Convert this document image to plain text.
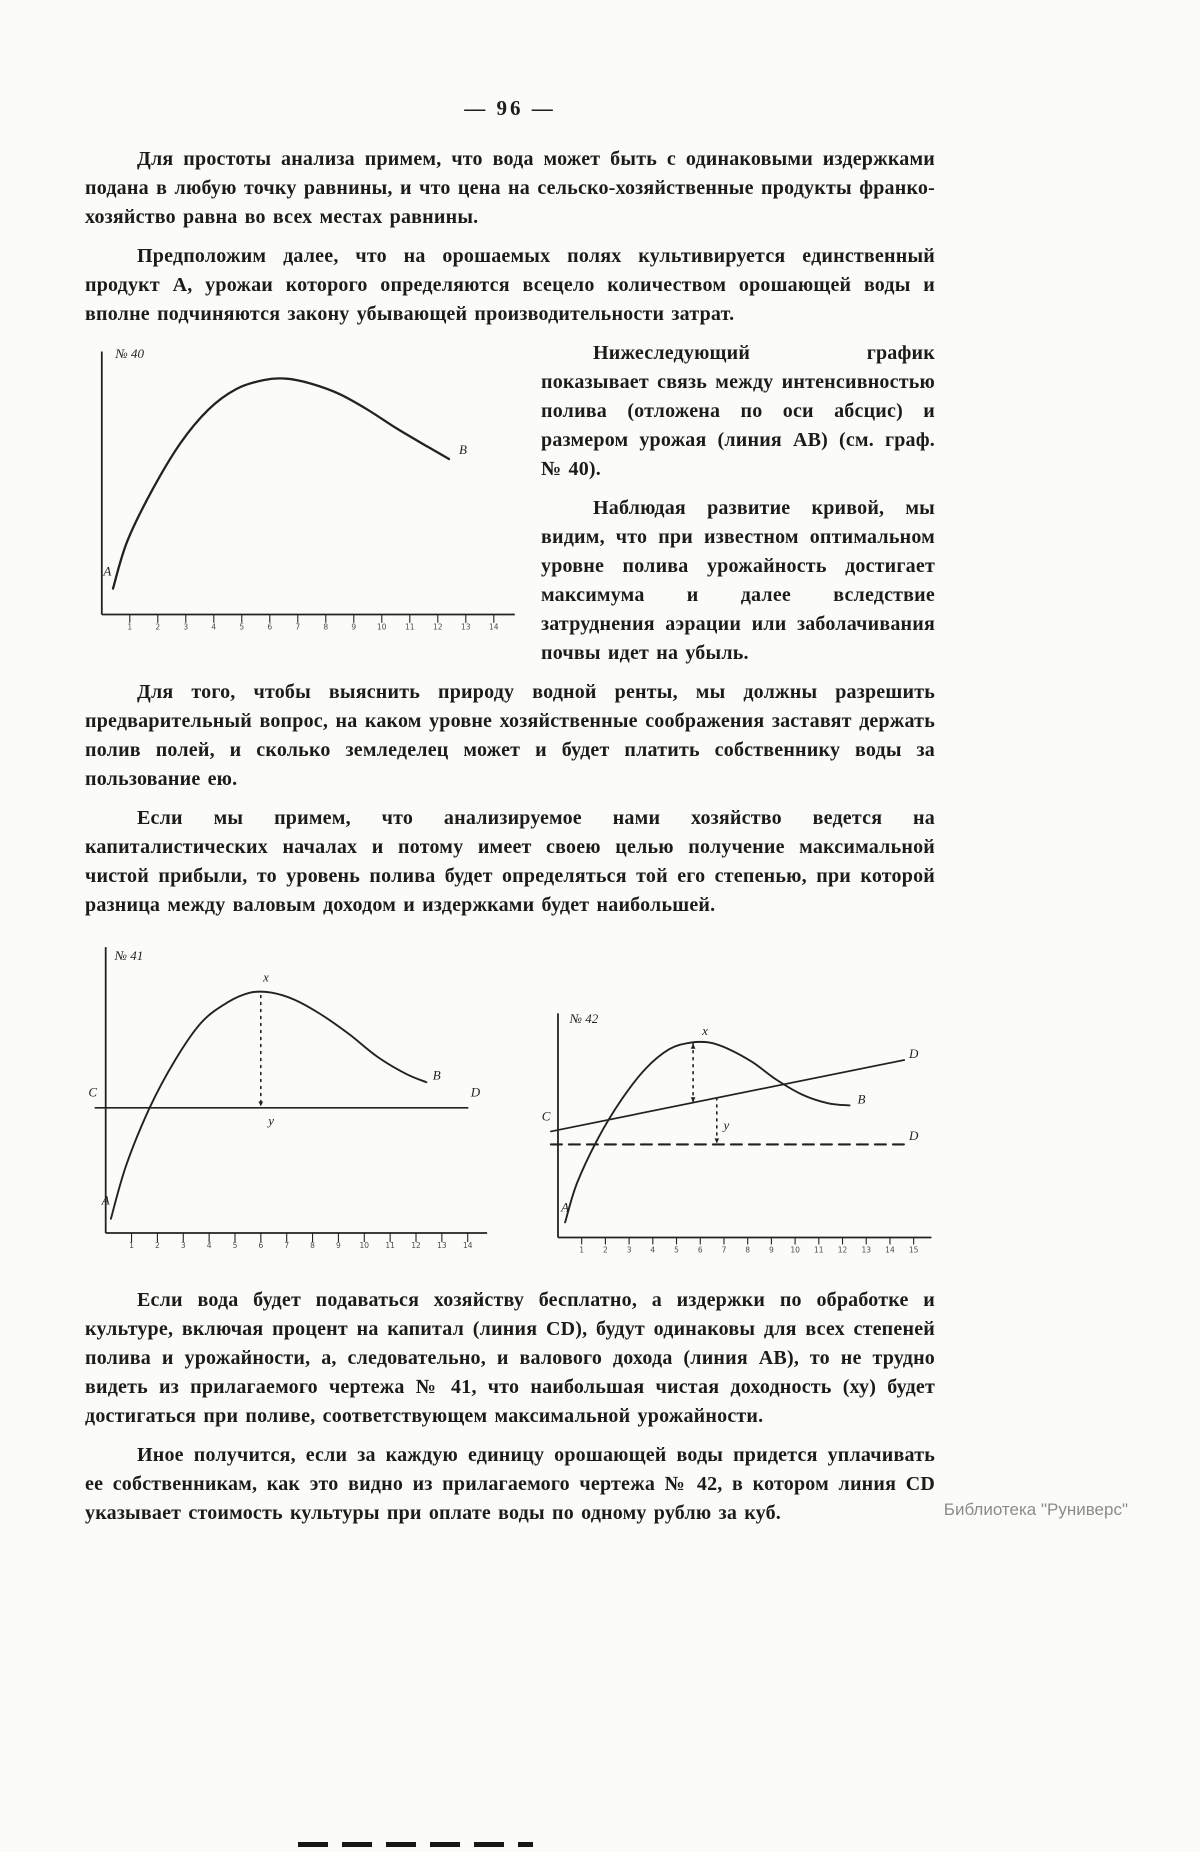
— 96 —

Для простоты анализа примем, что вода может быть с одинаковыми издержками подана в любую точку равнины, и что цена на сельско-хозяйственные продукты франко-хозяйство равна во всех местах равнины.

Предположим далее, что на орошаемых полях культивируется единственный продукт А, урожаи которого определяются всецело количеством орошающей воды и вполне подчиняются закону убывающей производительности затрат.

1	2	3	4	5	6	7	8	9	10 11 12 13 14
№ 40
А
В

Нижеследующий график показывает связь между интенсивностью полива (отложена по оси абсцис) и размером урожая (линия АВ) (см. граф. № 40).

Наблюдая развитие кривой, мы видим, что при известном оптимальном уровне полива урожайность достигает максимума и далее вследствие затруднения аэрации или заболачивания почвы идет на убыль.

Для того, чтобы выяснить природу водной ренты, мы должны разрешить предварительный вопрос, на каком уровне хозяйственные соображения заставят держать полив полей, и сколько земледелец может и будет платить собственнику воды за пользование ею.

Если мы примем, что анализируемое нами хозяйство ведется на капиталистических началах и потому имеет своею целью получение максимальной чистой прибыли, то уровень полива будет определяться той его степенью, при которой разница между валовым доходом и издержками будет наибольшей.

1	2	3	4	5	6	7	8	9 10 11 12 13 14
№ 41
А
В
С	D
х
у
1	2	3	4	5	6	7	8	9 10 11 12 13 14 15
№ 42
А
В
С
D
D
х
у

Если вода будет подаваться хозяйству бесплатно, а издержки по обработке и культуре, включая процент на капитал (линия CD), будут одинаковы для всех степеней полива и урожайности, а, следовательно, и валового дохода (линия АВ), то не трудно видеть из прилагаемого чертежа № 41, что наибольшая чистая доходность (ху) будет достигаться при поливе, соответствующем максимальной урожайности.

Иное получится, если за каждую единицу орошающей воды придется уплачивать ее собственникам, как это видно из прилагаемого чертежа № 42, в котором линия CD указывает стоимость культуры при оплате воды по одному рублю за куб.	Библиотека "Руниверс"
